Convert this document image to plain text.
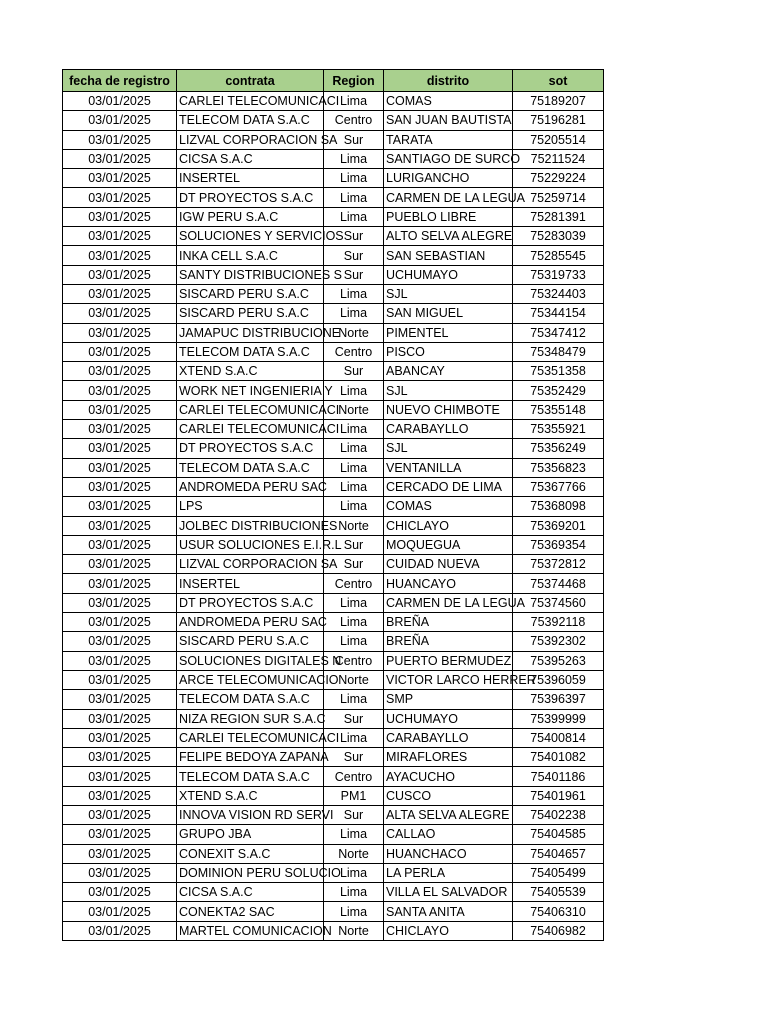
fecha de registro	contrata	Region	distrito	sot
03/01/2025	CARLEI TELECOMUNICACI	Lima	COMAS	75189207
03/01/2025	TELECOM DATA S.A.C	Centro	SAN JUAN BAUTISTA	75196281
03/01/2025	LIZVAL CORPORACION SA	Sur	TARATA	75205514
03/01/2025	CICSA S.A.C	Lima	SANTIAGO DE SURCO	75211524
03/01/2025	INSERTEL	Lima	LURIGANCHO	75229224
03/01/2025	DT PROYECTOS S.A.C	Lima	CARMEN DE LA LEGUA	75259714
03/01/2025	IGW PERU S.A.C	Lima	PUEBLO LIBRE	75281391
03/01/2025	SOLUCIONES Y SERVICIOS	Sur	ALTO SELVA ALEGRE	75283039
03/01/2025	INKA CELL S.A.C	Sur	SAN SEBASTIAN	75285545
03/01/2025	SANTY DISTRIBUCIONES S	Sur	UCHUMAYO	75319733
03/01/2025	SISCARD PERU S.A.C	Lima	SJL	75324403
03/01/2025	SISCARD PERU S.A.C	Lima	SAN MIGUEL	75344154
03/01/2025	JAMAPUC DISTRIBUCIONE	Norte	PIMENTEL	75347412
03/01/2025	TELECOM DATA S.A.C	Centro	PISCO	75348479
03/01/2025	XTEND S.A.C	Sur	ABANCAY	75351358
03/01/2025	WORK NET INGENIERIA Y	Lima	SJL	75352429
03/01/2025	CARLEI TELECOMUNICACI	Norte	NUEVO CHIMBOTE	75355148
03/01/2025	CARLEI TELECOMUNICACI	Lima	CARABAYLLO	75355921
03/01/2025	DT PROYECTOS S.A.C	Lima	SJL	75356249
03/01/2025	TELECOM DATA S.A.C	Lima	VENTANILLA	75356823
03/01/2025	ANDROMEDA PERU SAC	Lima	CERCADO DE LIMA	75367766
03/01/2025	LPS	Lima	COMAS	75368098
03/01/2025	JOLBEC DISTRIBUCIONES	Norte	CHICLAYO	75369201
03/01/2025	USUR SOLUCIONES E.I.R.L	Sur	MOQUEGUA	75369354
03/01/2025	LIZVAL CORPORACION SA	Sur	CUIDAD NUEVA	75372812
03/01/2025	INSERTEL	Centro	HUANCAYO	75374468
03/01/2025	DT PROYECTOS S.A.C	Lima	CARMEN DE LA LEGUA	75374560
03/01/2025	ANDROMEDA PERU SAC	Lima	BREÑA	75392118
03/01/2025	SISCARD PERU S.A.C	Lima	BREÑA	75392302
03/01/2025	SOLUCIONES DIGITALES N	Centro	PUERTO BERMUDEZ	75395263
03/01/2025	ARCE TELECOMUNICACIO	Norte	VICTOR LARCO HERRER	75396059
03/01/2025	TELECOM DATA S.A.C	Lima	SMP	75396397
03/01/2025	NIZA REGION SUR S.A.C	Sur	UCHUMAYO	75399999
03/01/2025	CARLEI TELECOMUNICACI	Lima	CARABAYLLO	75400814
03/01/2025	FELIPE BEDOYA ZAPANA	Sur	MIRAFLORES	75401082
03/01/2025	TELECOM DATA S.A.C	Centro	AYACUCHO	75401186
03/01/2025	XTEND S.A.C	PM1	CUSCO	75401961
03/01/2025	INNOVA VISION RD SERVI	Sur	ALTA SELVA ALEGRE	75402238
03/01/2025	GRUPO JBA	Lima	CALLAO	75404585
03/01/2025	CONEXIT S.A.C	Norte	HUANCHACO	75404657
03/01/2025	DOMINION PERU SOLUCIO	Lima	LA PERLA	75405499
03/01/2025	CICSA S.A.C	Lima	VILLA EL SALVADOR	75405539
03/01/2025	CONEKTA2 SAC	Lima	SANTA ANITA	75406310
03/01/2025	MARTEL COMUNICACION	Norte	CHICLAYO	75406982
